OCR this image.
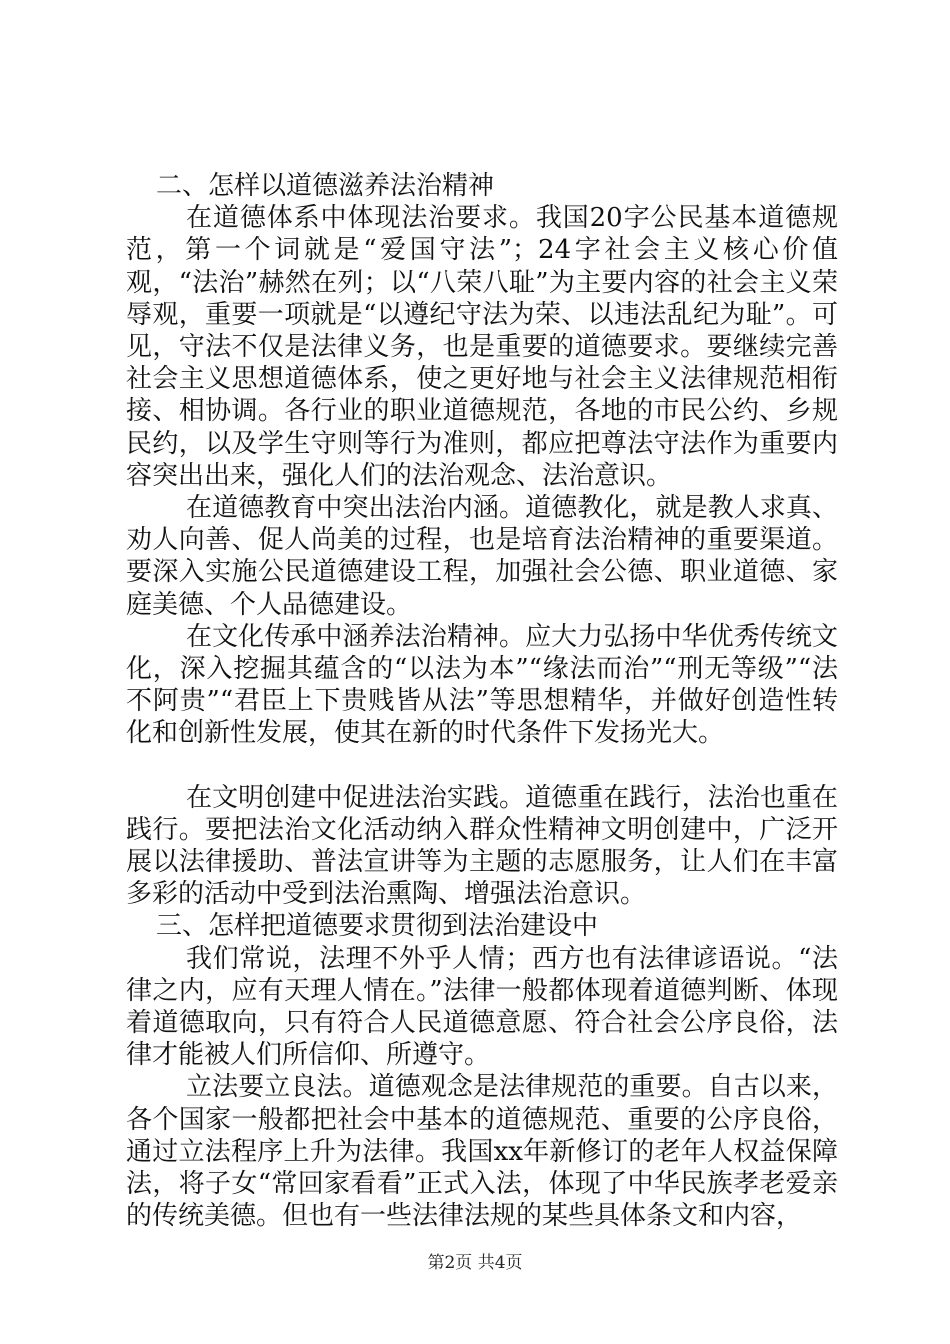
二、怎样以道德滋养法治精神

在道德体系中体现法治要求。我国20字公民基本道德规范，第一个词就是“爱国守法”；24字社会主义核心价值观，“法治”赫然在列；以“八荣八耻”为主要内容的社会主义荣辱观，重要一项就是“以遵纪守法为荣、以违法乱纪为耻”。可见，守法不仅是法律义务，也是重要的道德要求。要继续完善社会主义思想道德体系，使之更好地与社会主义法律规范相衔接、相协调。各行业的职业道德规范，各地的市民公约、乡规民约，以及学生守则等行为准则，都应把尊法守法作为重要内容突出出来，强化人们的法治观念、法治意识。

在道德教育中突出法治内涵。道德教化，就是教人求真、劝人向善、促人尚美的过程，也是培育法治精神的重要渠道。要深入实施公民道德建设工程，加强社会公德、职业道德、家庭美德、个人品德建设。

在文化传承中涵养法治精神。应大力弘扬中华优秀传统文化，深入挖掘其蕴含的“以法为本”“缘法而治”“刑无等级”“法不阿贵”“君臣上下贵贱皆从法”等思想精华，并做好创造性转化和创新性发展，使其在新的时代条件下发扬光大。

在文明创建中促进法治实践。道德重在践行，法治也重在践行。要把法治文化活动纳入群众性精神文明创建中，广泛开展以法律援助、普法宣讲等为主题的志愿服务，让人们在丰富多彩的活动中受到法治熏陶、增强法治意识。

三、怎样把道德要求贯彻到法治建设中

我们常说，法理不外乎人情；西方也有法律谚语说。“法律之内，应有天理人情在。”法律一般都体现着道德判断、体现着道德取向，只有符合人民道德意愿、符合社会公序良俗，法律才能被人们所信仰、所遵守。

立法要立良法。道德观念是法律规范的重要。自古以来，各个国家一般都把社会中基本的道德规范、重要的公序良俗，通过立法程序上升为法律。我国xx年新修订的老年人权益保障法，将子女“常回家看看”正式入法，体现了中华民族孝老爱亲的传统美德。但也有一些法律法规的某些具体条文和内容，

第2页 共4页
